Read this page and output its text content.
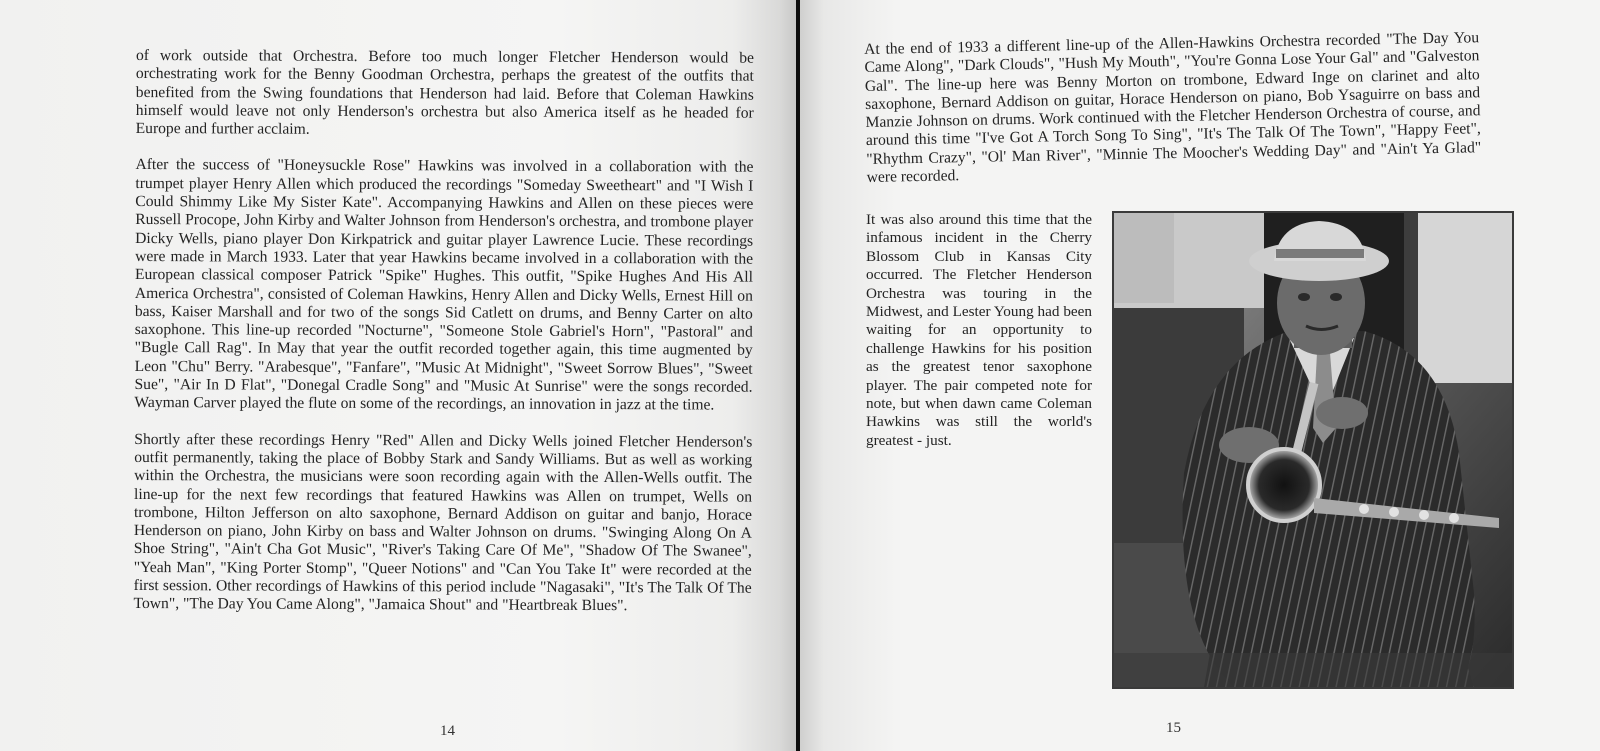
of work outside that Orchestra. Before too much longer Fletcher Henderson would be orchestrating work for the Benny Goodman Orchestra, perhaps the greatest of the outfits that benefited from the Swing foundations that Henderson had laid. Before that Coleman Hawkins himself would leave not only Henderson's orchestra but also America itself as he headed for Europe and further acclaim.

After the success of "Honeysuckle Rose" Hawkins was involved in a collaboration with the trumpet player Henry Allen which produced the recordings "Someday Sweetheart" and "I Wish I Could Shimmy Like My Sister Kate". Accompanying Hawkins and Allen on these pieces were Russell Procope, John Kirby and Walter Johnson from Henderson's orchestra, and trombone player Dicky Wells, piano player Don Kirkpatrick and guitar player Lawrence Lucie. These recordings were made in March 1933. Later that year Hawkins became involved in a collaboration with the European classical composer Patrick "Spike" Hughes. This outfit, "Spike Hughes And His All America Orchestra", consisted of Coleman Hawkins, Henry Allen and Dicky Wells, Ernest Hill on bass, Kaiser Marshall and for two of the songs Sid Catlett on drums, and Benny Carter on alto saxophone. This line-up recorded "Nocturne", "Someone Stole Gabriel's Horn", "Pastoral" and "Bugle Call Rag". In May that year the outfit recorded together again, this time augmented by Leon "Chu" Berry. "Arabesque", "Fanfare", "Music At Midnight", "Sweet Sorrow Blues", "Sweet Sue", "Air In D Flat", "Donegal Cradle Song" and "Music At Sunrise" were the songs recorded. Wayman Carver played the flute on some of the recordings, an innovation in jazz at the time.

Shortly after these recordings Henry "Red" Allen and Dicky Wells joined Fletcher Henderson's outfit permanently, taking the place of Bobby Stark and Sandy Williams. But as well as working within the Orchestra, the musicians were soon recording again with the Allen-Wells outfit. The line-up for the next few recordings that featured Hawkins was Allen on trumpet, Wells on trombone, Hilton Jefferson on alto saxophone, Bernard Addison on guitar and banjo, Horace Henderson on piano, John Kirby on bass and Walter Johnson on drums. "Swinging Along On A Shoe String", "Ain't Cha Got Music", "River's Taking Care Of Me", "Shadow Of The Swanee", "Yeah Man", "King Porter Stomp", "Queer Notions" and "Can You Take It" were recorded at the first session. Other recordings of Hawkins of this period include "Nagasaki", "It's The Talk Of The Town", "The Day You Came Along", "Jamaica Shout" and "Heartbreak Blues".

14
At the end of 1933 a different line-up of the Allen-Hawkins Orchestra recorded "The Day You Came Along", "Dark Clouds", "Hush My Mouth", "You're Gonna Lose Your Gal" and "Galveston Gal". The line-up here was Benny Morton on trombone, Edward Inge on clarinet and alto saxophone, Bernard Addison on guitar, Horace Henderson on piano, Bob Ysaguirre on bass and Manzie Johnson on drums. Work continued with the Fletcher Henderson Orchestra of course, and around this time "I've Got A Torch Song To Sing", "It's The Talk Of The Town", "Happy Feet", "Rhythm Crazy", "Ol' Man River", "Minnie The Moocher's Wedding Day" and "Ain't Ya Glad" were recorded.
It was also around this time that the infamous incident in the Cherry Blossom Club in Kansas City occurred. The Fletcher Henderson Orchestra was touring in the Midwest, and Lester Young had been waiting for an opportunity to challenge Hawkins for his position as the greatest tenor saxophone player. The pair competed note for note, but when dawn came Coleman Hawkins was still the world's greatest - just.
15
